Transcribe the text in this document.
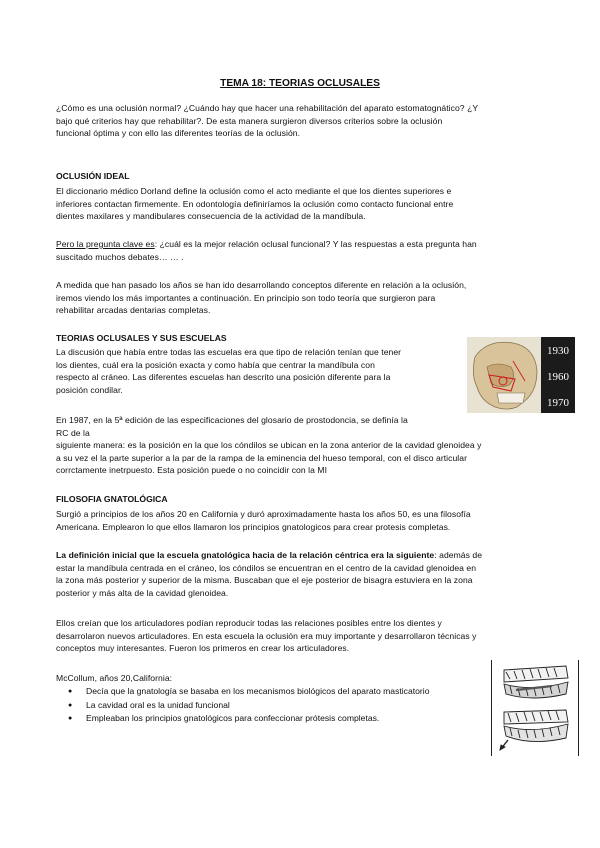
TEMA 18: TEORIAS OCLUSALES
¿Cómo es una oclusión normal? ¿Cuándo hay que hacer una rehabilitación del aparato estomatognático? ¿Y
bajo qué criterios hay que rehabilitar?. De esta manera surgieron diversos criterios sobre la oclusión
funcional óptima y con ello las diferentes teorías de la oclusión.
OCLUSIÓN IDEAL
El diccionario médico Dorland define la oclusión como el acto mediante el que los dientes superiores e
inferiores contactan firmemente. En odontología definiríamos la oclusión como contacto funcional entre
dientes maxilares y mandibulares consecuencia de la actividad de la mandíbula.
Pero la pregunta clave es: ¿cuál es la mejor relación oclusal funcional? Y las respuestas a esta pregunta han
suscitado muchos debates… … .
A medida que han pasado los años se han ido desarrollando conceptos diferente en relación a la oclusión,
iremos viendo los más importantes a continuación. En principio son todo teoría que surgieron para
rehabilitar arcadas dentarias completas.
TEORIAS OCLUSALES Y SUS ESCUELAS
La discusión que había entre todas las escuelas era que tipo de relación tenían que tener
los dientes, cuál era la posición exacta y como había que centrar la mandíbula con
respecto al cráneo. Las diferentes escuelas han descrito una posición diferente para la
posición condilar.
1930
1960
1970
En 1987, en la 5ª edición de las especificaciones del glosario de prostodoncia, se definía la
RC de la
siguiente manera: es la posición en la que los cóndilos se ubican en la zona anterior de la cavidad glenoidea y
a su vez el la parte superior a la par de la rampa de la eminencia del hueso temporal, con el disco articular
corrctamente inetrpuesto. Esta posición puede o no coincidir con la MI
FILOSOFIA GNATOLÓGICA
Surgió a principios de los años 20 en California y duró aproximadamente hasta los años 50, es una filosofía
Americana. Emplearon lo que ellos llamaron los principios gnatologicos para crear protesis completas.
La definición inicial que la escuela gnatológica hacia de la relación céntrica era la siguiente: además de
estar la mandíbula centrada en el cráneo, los cóndilos se encuentran en el centro de la cavidad glenoidea en
la zona más posterior y superior de la misma. Buscaban que el eje posterior de bisagra estuviera en la zona
posterior y más alta de la cavidad glenoidea.
Ellos creían que los articuladores podían reproducir todas las relaciones posibles entre los dientes y
desarrolaron nuevos articuladores. En esta escuela la oclusión era muy importante y desarrollaron técnicas y
conceptos muy interesantes. Fueron los primeros en crear los articuladores.
McCollum, años 20,California:
● Decía que la gnatología se basaba en los mecanismos biológicos del aparato masticatorio
● La cavidad oral es la unidad funcional
● Empleaban los principios gnatológicos para confeccionar prótesis completas.
